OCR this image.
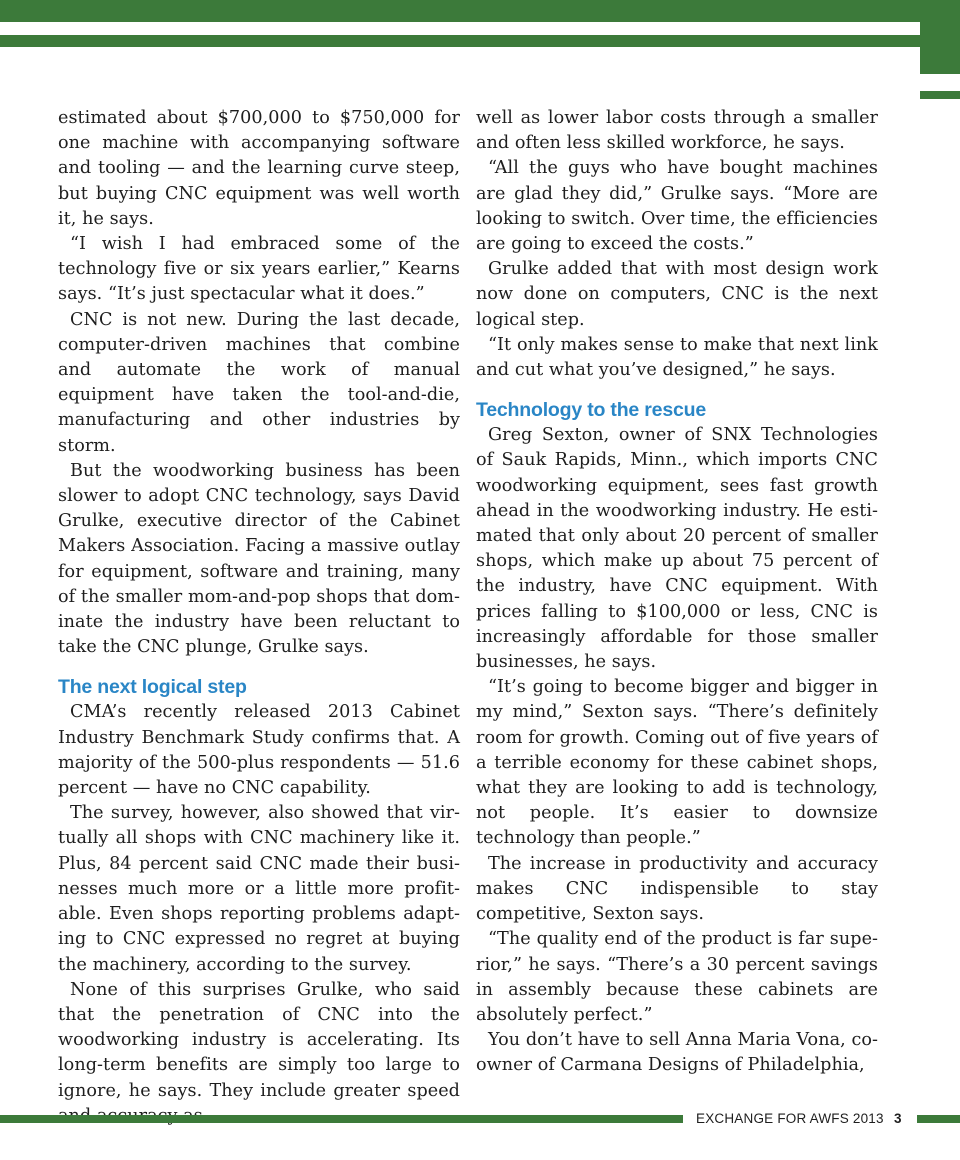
estimated about $700,000 to $750,000 for one machine with accompanying software and tooling — and the learning curve steep, but buying CNC equipment was well worth it, he says.

“I wish I had embraced some of the technology five or six years earlier,” Kearns says. “It’s just spectacular what it does.”

CNC is not new. During the last decade, computer-driven machines that combine and automate the work of manual equipment have taken the tool-and-die, manufacturing and other industries by storm.

But the woodworking business has been slower to adopt CNC technology, says David Grulke, executive director of the Cabinet Makers Association. Facing a massive outlay for equipment, software and training, many of the smaller mom-and-pop shops that dominate the industry have been reluctant to take the CNC plunge, Grulke says.

The next logical step

CMA’s recently released 2013 Cabinet Industry Benchmark Study confirms that. A majority of the 500-plus respondents — 51.6 percent — have no CNC capability.

The survey, however, also showed that virtually all shops with CNC machinery like it. Plus, 84 percent said CNC made their businesses much more or a little more profitable. Even shops reporting problems adapting to CNC expressed no regret at buying the machinery, according to the survey.

None of this surprises Grulke, who said that the penetration of CNC into the woodworking industry is accelerating. Its long-term benefits are simply too large to ignore, he says. They include greater speed

well as lower labor costs through a smaller and often less skilled workforce, he says.

“All the guys who have bought machines are glad they did,” Grulke says. “More are looking to switch. Over time, the efficiencies are going to exceed the costs.”

Grulke added that with most design work now done on computers, CNC is the next logical step.

“It only makes sense to make that next link and cut what you’ve designed,” he says.

Technology to the rescue

Greg Sexton, owner of SNX Technologies of Sauk Rapids, Minn., which imports CNC woodworking equipment, sees fast growth ahead in the woodworking industry. He estimated that only about 20 percent of smaller shops, which make up about 75 percent of the industry, have CNC equipment. With prices falling to $100,000 or less, CNC is increasingly affordable for those smaller businesses, he says.

“It’s going to become bigger and bigger in my mind,” Sexton says. “There’s definitely room for growth. Coming out of five years of a terrible economy for these cabinet shops, what they are looking to add is technology, not people. It’s easier to downsize technology than people.”

The increase in productivity and accuracy makes CNC indispensible to stay competitive, Sexton says.

“The quality end of the product is far superior,” he says. “There’s a 30 percent savings in assembly because these cabinets are absolutely perfect.”

You don’t have to sell Anna Maria Vona, co-owner of Carmana Designs of Philadelphia,

EXCHANGE FOR AWFS 2013 3
